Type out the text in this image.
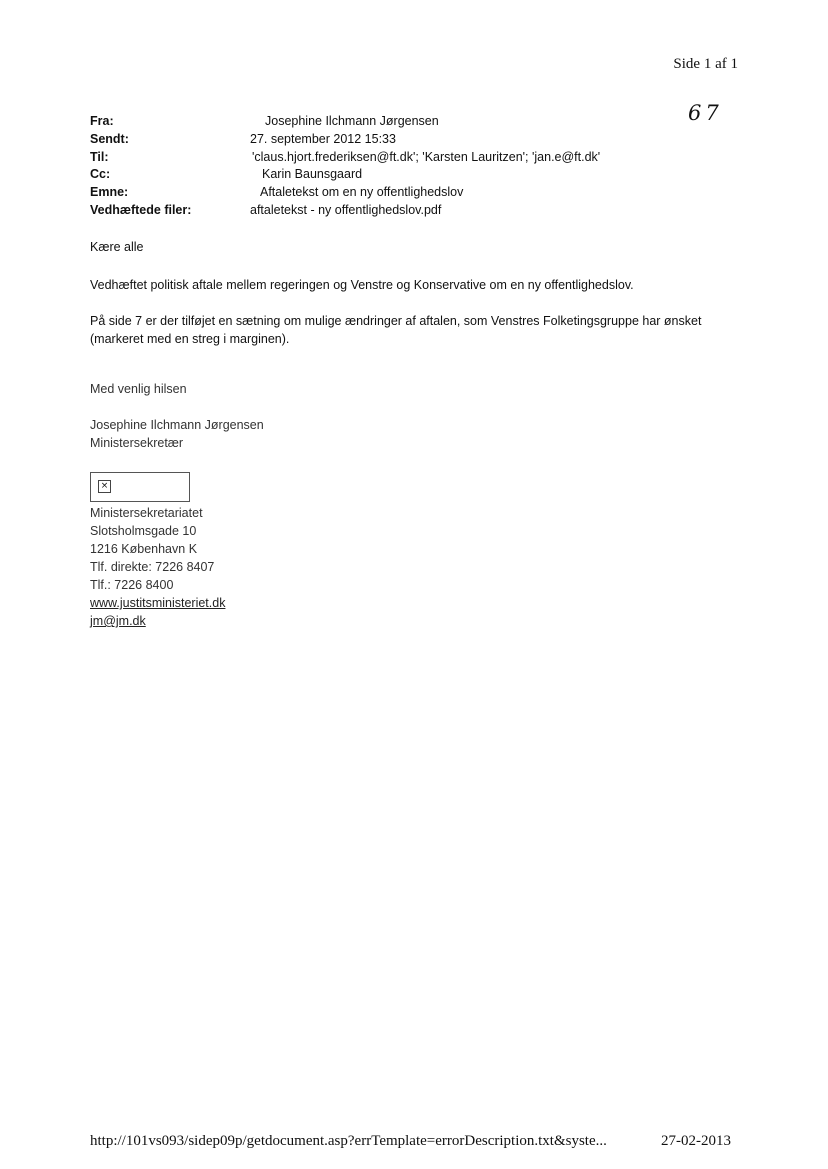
Side 1 af 1
67
Fra:	Josephine Ilchmann Jørgensen
Sendt:	27. september 2012 15:33
Til:	'claus.hjort.frederiksen@ft.dk'; 'Karsten Lauritzen'; 'jan.e@ft.dk'
Cc:	Karin Baunsgaard
Emne:	Aftaletekst om en ny offentlighedslov
Vedhæftede filer:	aftaletekst - ny offentlighedslov.pdf
Kære alle
Vedhæftet politisk aftale mellem regeringen og Venstre og Konservative om en ny offentlighedslov.
På side 7 er der tilføjet en sætning om mulige ændringer af aftalen, som Venstres Folketingsgruppe har ønsket (markeret med en streg i marginen).
Med venlig hilsen
Josephine Ilchmann Jørgensen
Ministersekretær
×
Ministersekretariatet
Slotsholmsgade 10
1216 København K
Tlf. direkte: 7226 8407
Tlf.: 7226 8400
www.justitsministeriet.dk
jm@jm.dk
http://101vs093/sidep09p/getdocument.asp?errTemplate=errorDescription.txt&syste...	27-02-2013
